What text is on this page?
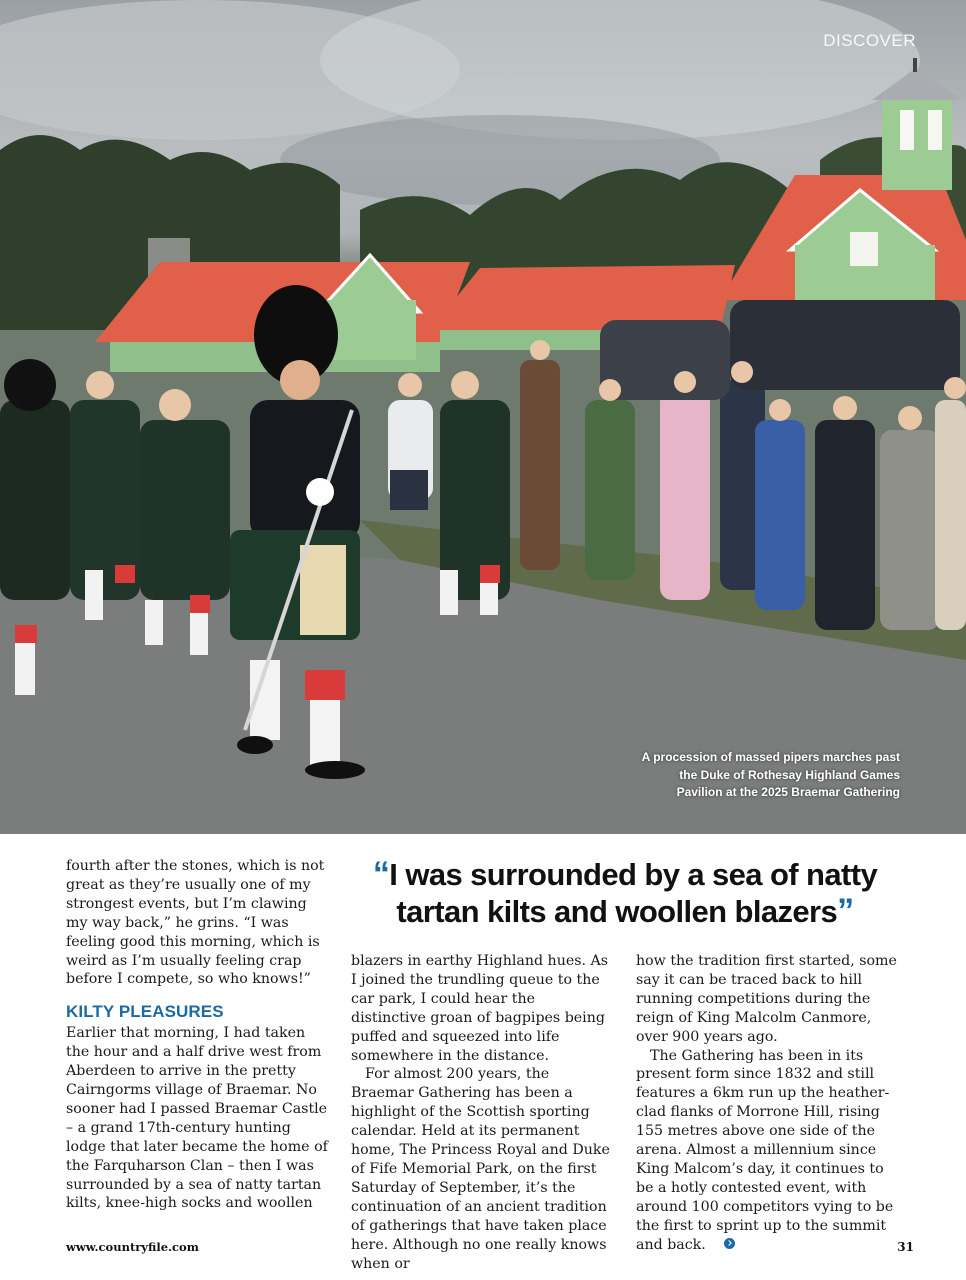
DISCOVER
A procession of massed pipers marches past the Duke of Rothesay Highland Games Pavilion at the 2025 Braemar Gathering
“I was surrounded by a sea of natty tartan kilts and woollen blazers”

fourth after the stones, which is not great as they’re usually one of my strongest events, but I’m clawing my way back,” he grins. “I was feeling good this morning, which is weird as I’m usually feeling crap before I compete, so who knows!”

KILTY PLEASURES

Earlier that morning, I had taken the hour and a half drive west from Aberdeen to arrive in the pretty Cairngorms village of Braemar. No sooner had I passed Braemar Castle – a grand 17th-century hunting lodge that later became the home of the Farquharson Clan – then I was surrounded by a sea of natty tartan kilts, knee-high socks and woollen

blazers in earthy Highland hues. As I joined the trundling queue to the car park, I could hear the distinctive groan of bagpipes being puffed and squeezed into life somewhere in the distance.

For almost 200 years, the Braemar Gathering has been a highlight of the Scottish sporting calendar. Held at its permanent home, The Princess Royal and Duke of Fife Memorial Park, on the first Saturday of September, it’s the continuation of an ancient tradition of gatherings that have taken place here. Although no one really knows when or

how the tradition first started, some say it can be traced back to hill running competitions during the reign of King Malcolm Canmore, over 900 years ago.

The Gathering has been in its present form since 1832 and still features a 6km run up the heather-clad flanks of Morrone Hill, rising 155 metres above one side of the arena. Almost a millennium since King Malcom’s day, it continues to be a hotly contested event, with around 100 competitors vying to be the first to sprint up to the summit and back.

www.countryfile.com	31
